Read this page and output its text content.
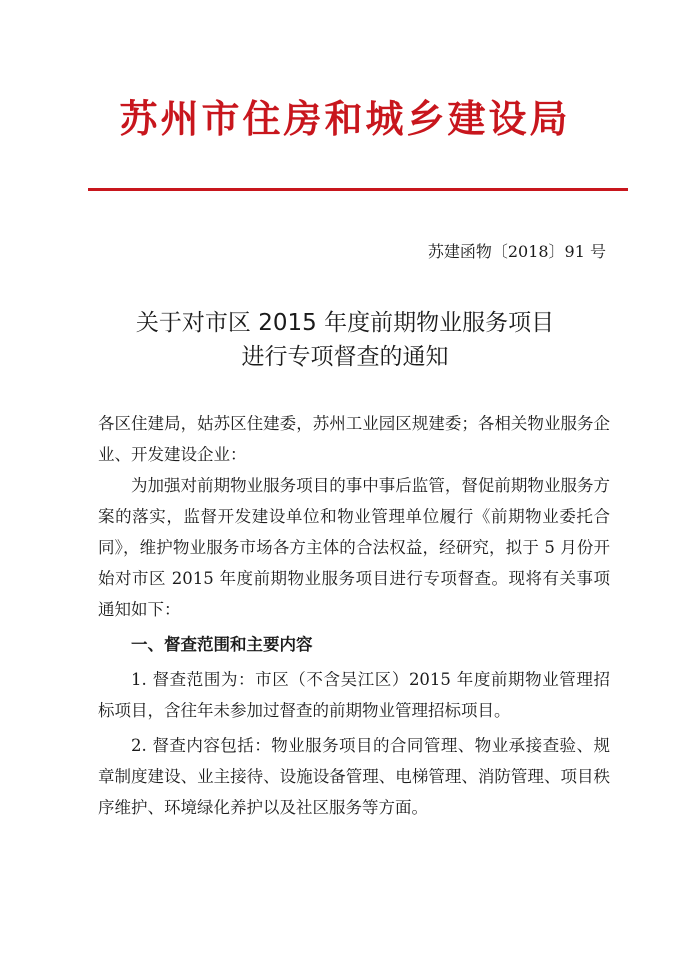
苏州市住房和城乡建设局
苏建函物〔2018〕91 号
关于对市区 2015 年度前期物业服务项目
进行专项督查的通知

各区住建局，姑苏区住建委，苏州工业园区规建委；各相关物业服务企业、开发建设企业：

为加强对前期物业服务项目的事中事后监管，督促前期物业服务方案的落实，监督开发建设单位和物业管理单位履行《前期物业委托合同》，维护物业服务市场各方主体的合法权益，经研究，拟于 5 月份开始对市区 2015 年度前期物业服务项目进行专项督查。现将有关事项通知如下：

一、督查范围和主要内容

1. 督查范围为：市区（不含吴江区）2015 年度前期物业管理招标项目，含往年未参加过督查的前期物业管理招标项目。

2. 督查内容包括：物业服务项目的合同管理、物业承接查验、规章制度建设、业主接待、设施设备管理、电梯管理、消防管理、项目秩序维护、环境绿化养护以及社区服务等方面。
